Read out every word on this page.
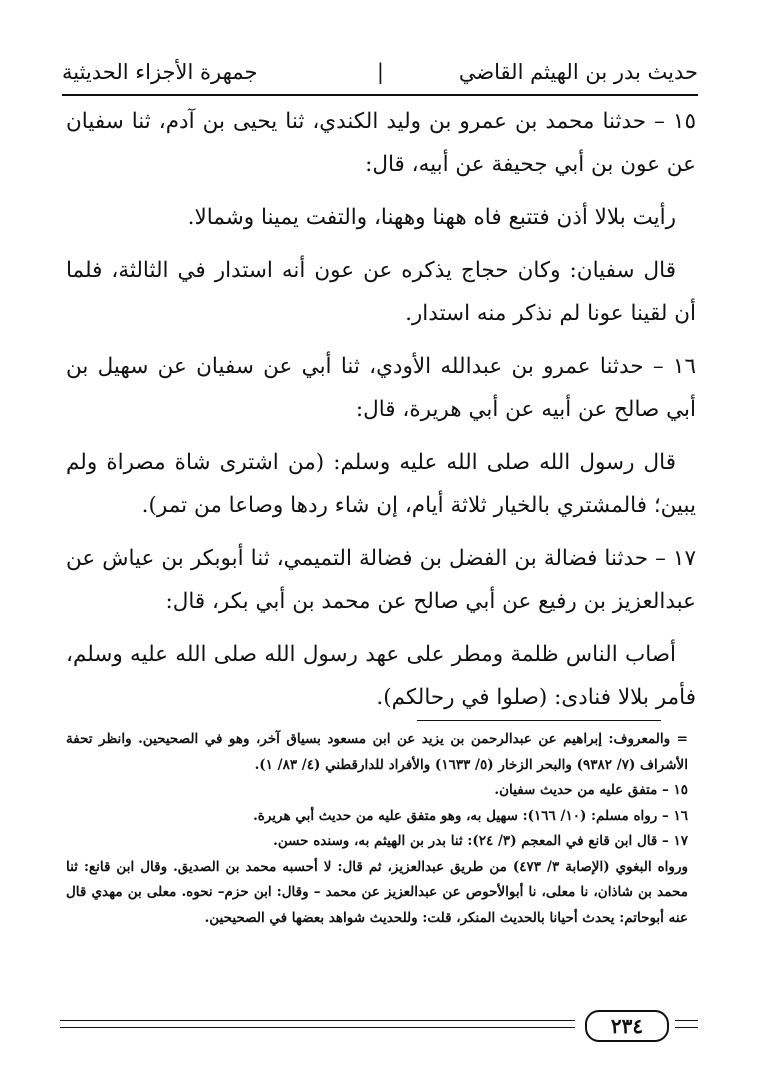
حديث بدر بن الهيثم القاضي
|
جمهرة الأجزاء الحديثية

١٥ – حدثنا محمد بن عمرو بن وليد الكندي، ثنا يحيى بن آدم، ثنا سفيان عن عون بن أبي جحيفة عن أبيه، قال:

رأيت بلالا أذن فتتبع فاه ههنا وههنا، والتفت يمينا وشمالا.

قال سفيان: وكان حجاج يذكره عن عون أنه استدار في الثالثة، فلما أن لقينا عونا لم نذكر منه استدار.

١٦ – حدثنا عمرو بن عبدالله الأودي، ثنا أبي عن سفيان عن سهيل بن أبي صالح عن أبيه عن أبي هريرة، قال:

قال رسول الله صلى الله عليه وسلم: (من اشترى شاة مصراة ولم يبين؛ فالمشتري بالخيار ثلاثة أيام، إن شاء ردها وصاعا من تمر).

١٧ – حدثنا فضالة بن الفضل بن فضالة التميمي، ثنا أبوبكر بن عياش عن عبدالعزيز بن رفيع عن أبي صالح عن محمد بن أبي بكر، قال:

أصاب الناس ظلمة ومطر على عهد رسول الله صلى الله عليه وسلم، فأمر بلالا فنادى: (صلوا في رحالكم).

= والمعروف: إبراهيم عن عبدالرحمن بن يزيد عن ابن مسعود بسياق آخر، وهو في الصحيحين. وانظر تحفة الأشراف (٧/ ٩٣٨٢) والبحر الزخار (٥/ ١٦٣٣) والأفراد للدارقطني (٤/ ٨٣/ ١).

١٥ – متفق عليه من حديث سفيان.

١٦ – رواه مسلم: (١٠/ ١٦٦): سهيل به، وهو متفق عليه من حديث أبي هريرة.

١٧ – قال ابن قانع في المعجم (٣/ ٢٤): ثنا بدر بن الهيثم به، وسنده حسن.

ورواه البغوي (الإصابة ٣/ ٤٧٣) من طريق عبدالعزيز، ثم قال: لا أحسبه محمد بن الصديق. وقال ابن قانع: ثنا محمد بن شاذان، نا معلى، نا أبوالأحوص عن عبدالعزيز عن محمد – وقال: ابن حزم– نحوه. معلى بن مهدي قال عنه أبوحاتم: يحدث أحيانا بالحديث المنكر، قلت: وللحديث شواهد بعضها في الصحيحين.

٢٣٤
